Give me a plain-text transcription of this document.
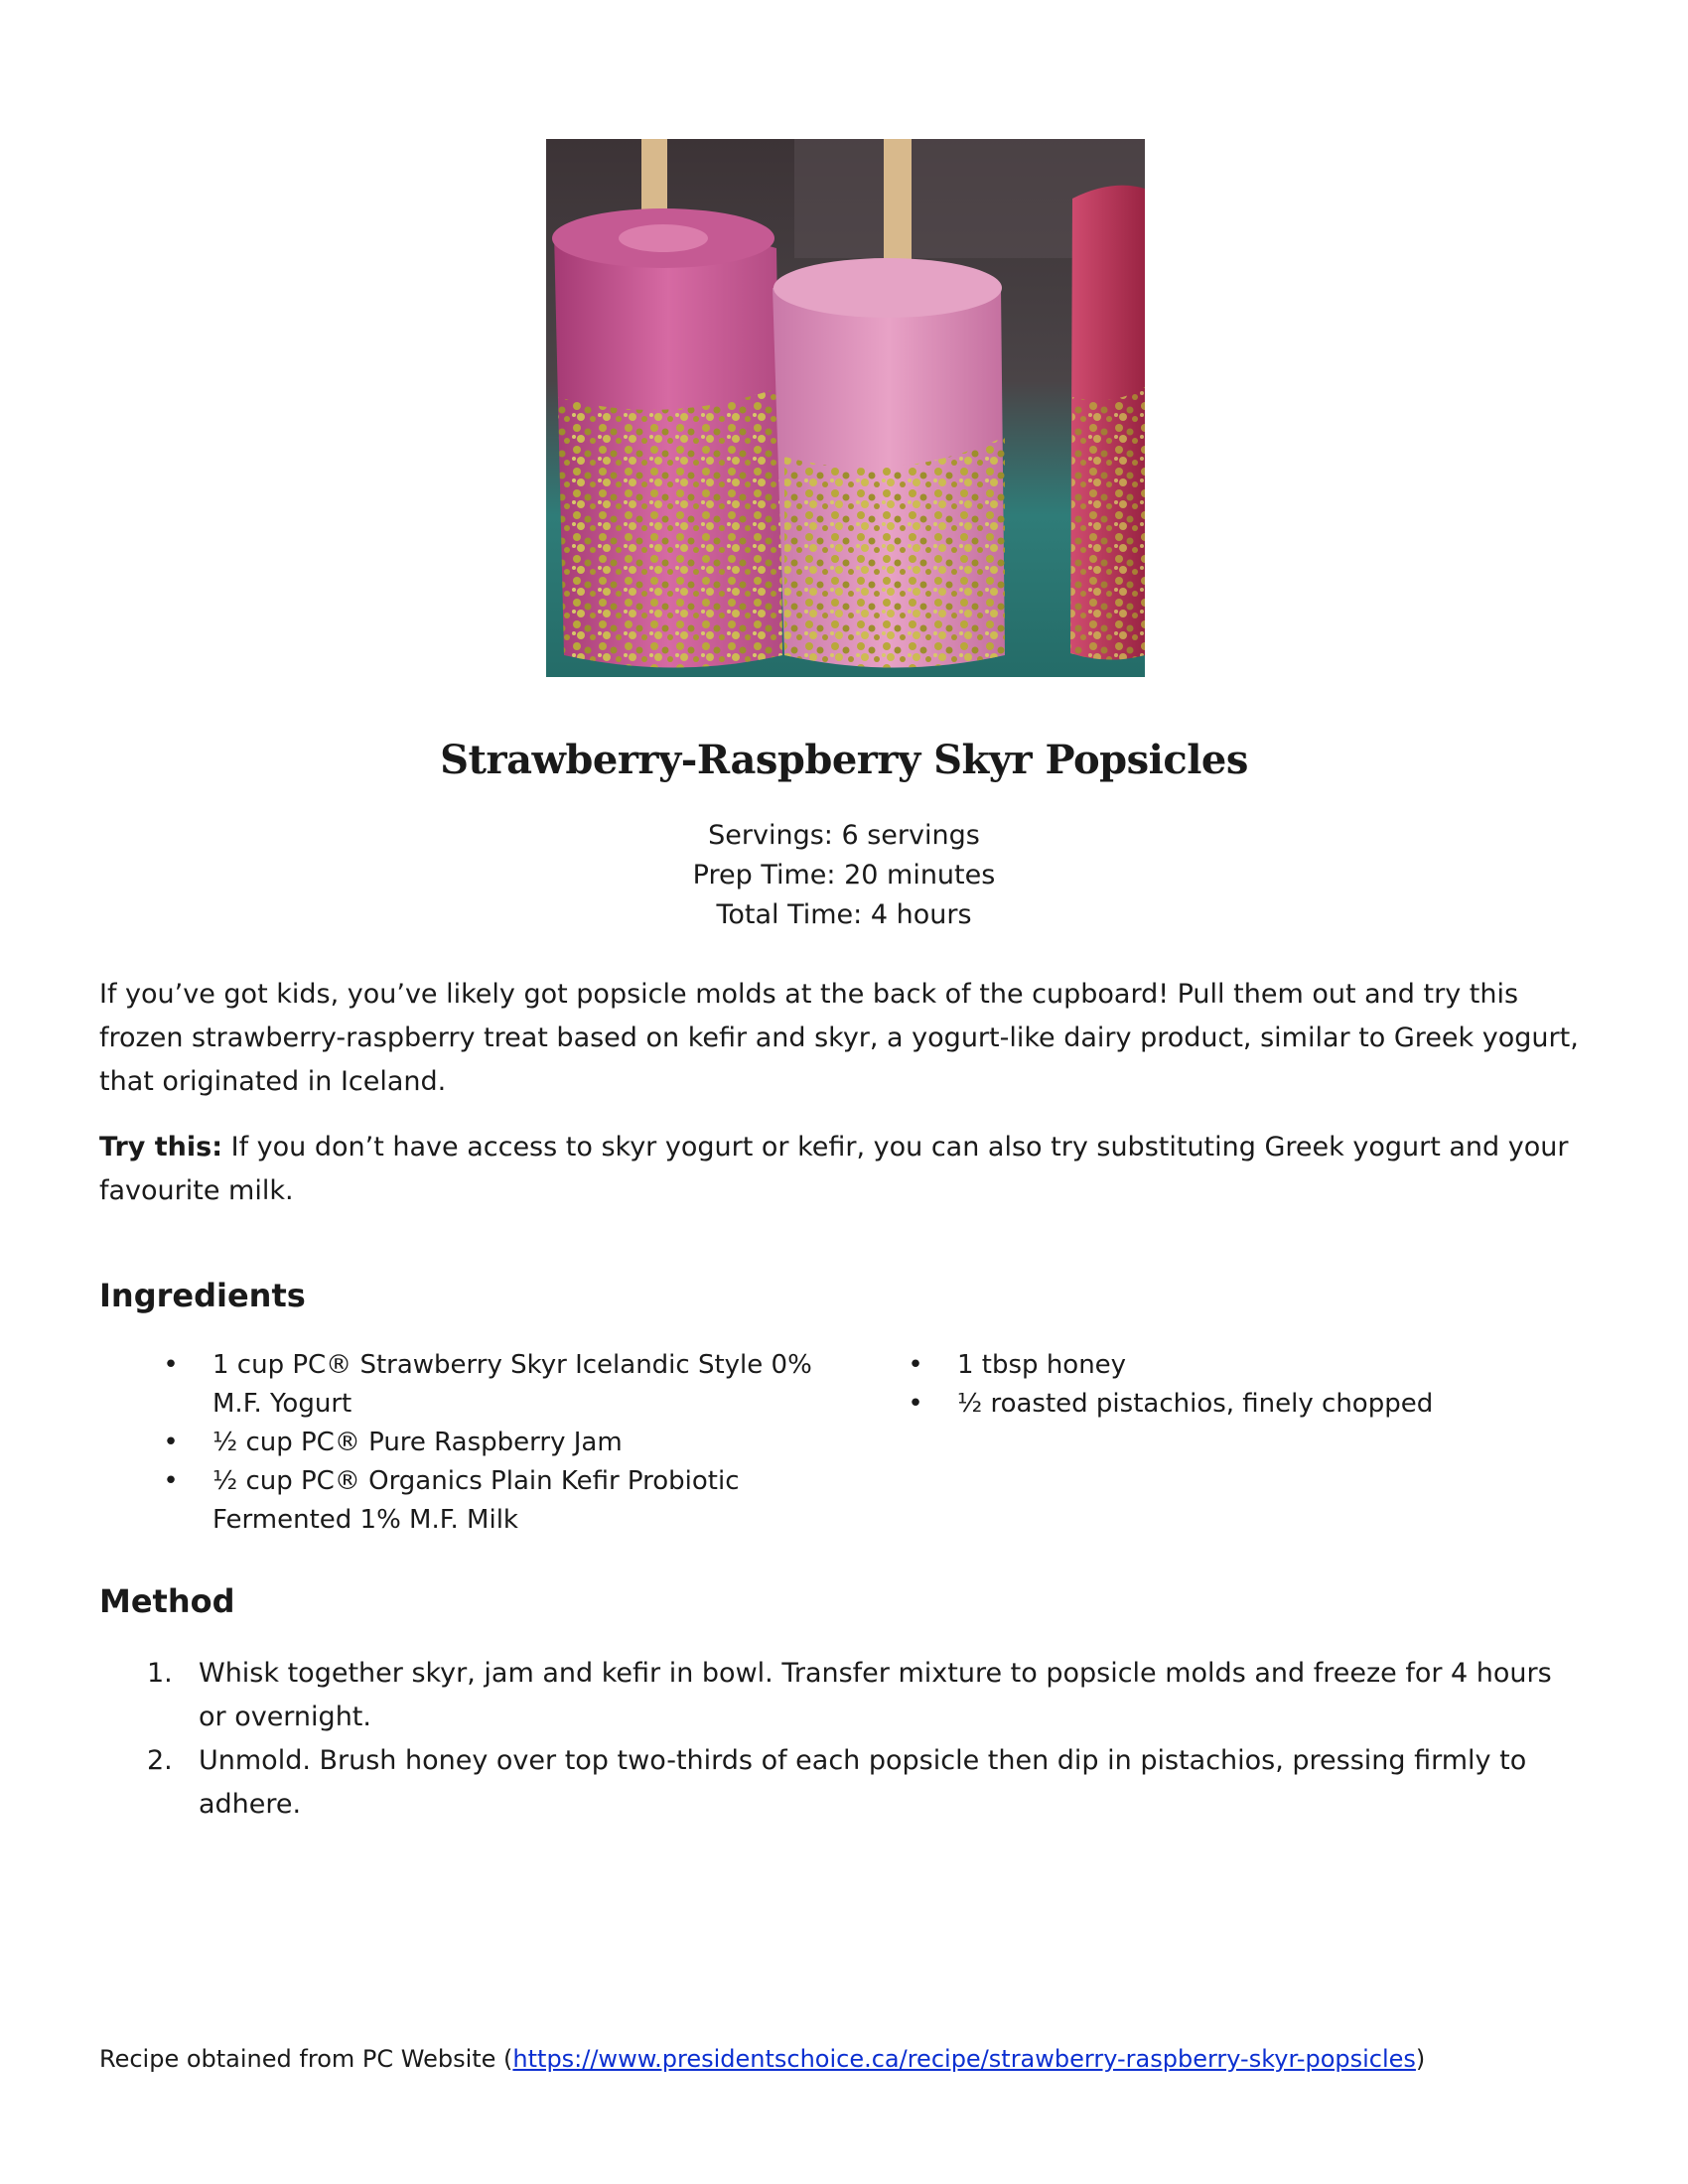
Strawberry-Raspberry Skyr Popsicles
Servings: 6 servings
Prep Time: 20 minutes
Total Time: 4 hours

If you’ve got kids, you’ve likely got popsicle molds at the back of the cupboard! Pull them out and try this frozen strawberry-raspberry treat based on kefir and skyr, a yogurt-like dairy product, similar to Greek yogurt, that originated in Iceland.

Try this: If you don’t have access to skyr yogurt or kefir, you can also try substituting Greek yogurt and your favourite milk.

Ingredients
• 1 cup PC® Strawberry Skyr Icelandic Style 0% M.F. Yogurt
• ½ cup PC® Pure Raspberry Jam
• ½ cup PC® Organics Plain Kefir Probiotic Fermented 1% M.F. Milk
• 1 tbsp honey
• ½ roasted pistachios, finely chopped
Method
1. Whisk together skyr, jam and kefir in bowl. Transfer mixture to popsicle molds and freeze for 4 hours or overnight.
2. Unmold. Brush honey over top two-thirds of each popsicle then dip in pistachios, pressing firmly to adhere.

Recipe obtained from PC Website (https://www.presidentschoice.ca/recipe/strawberry-raspberry-skyr-popsicles)
